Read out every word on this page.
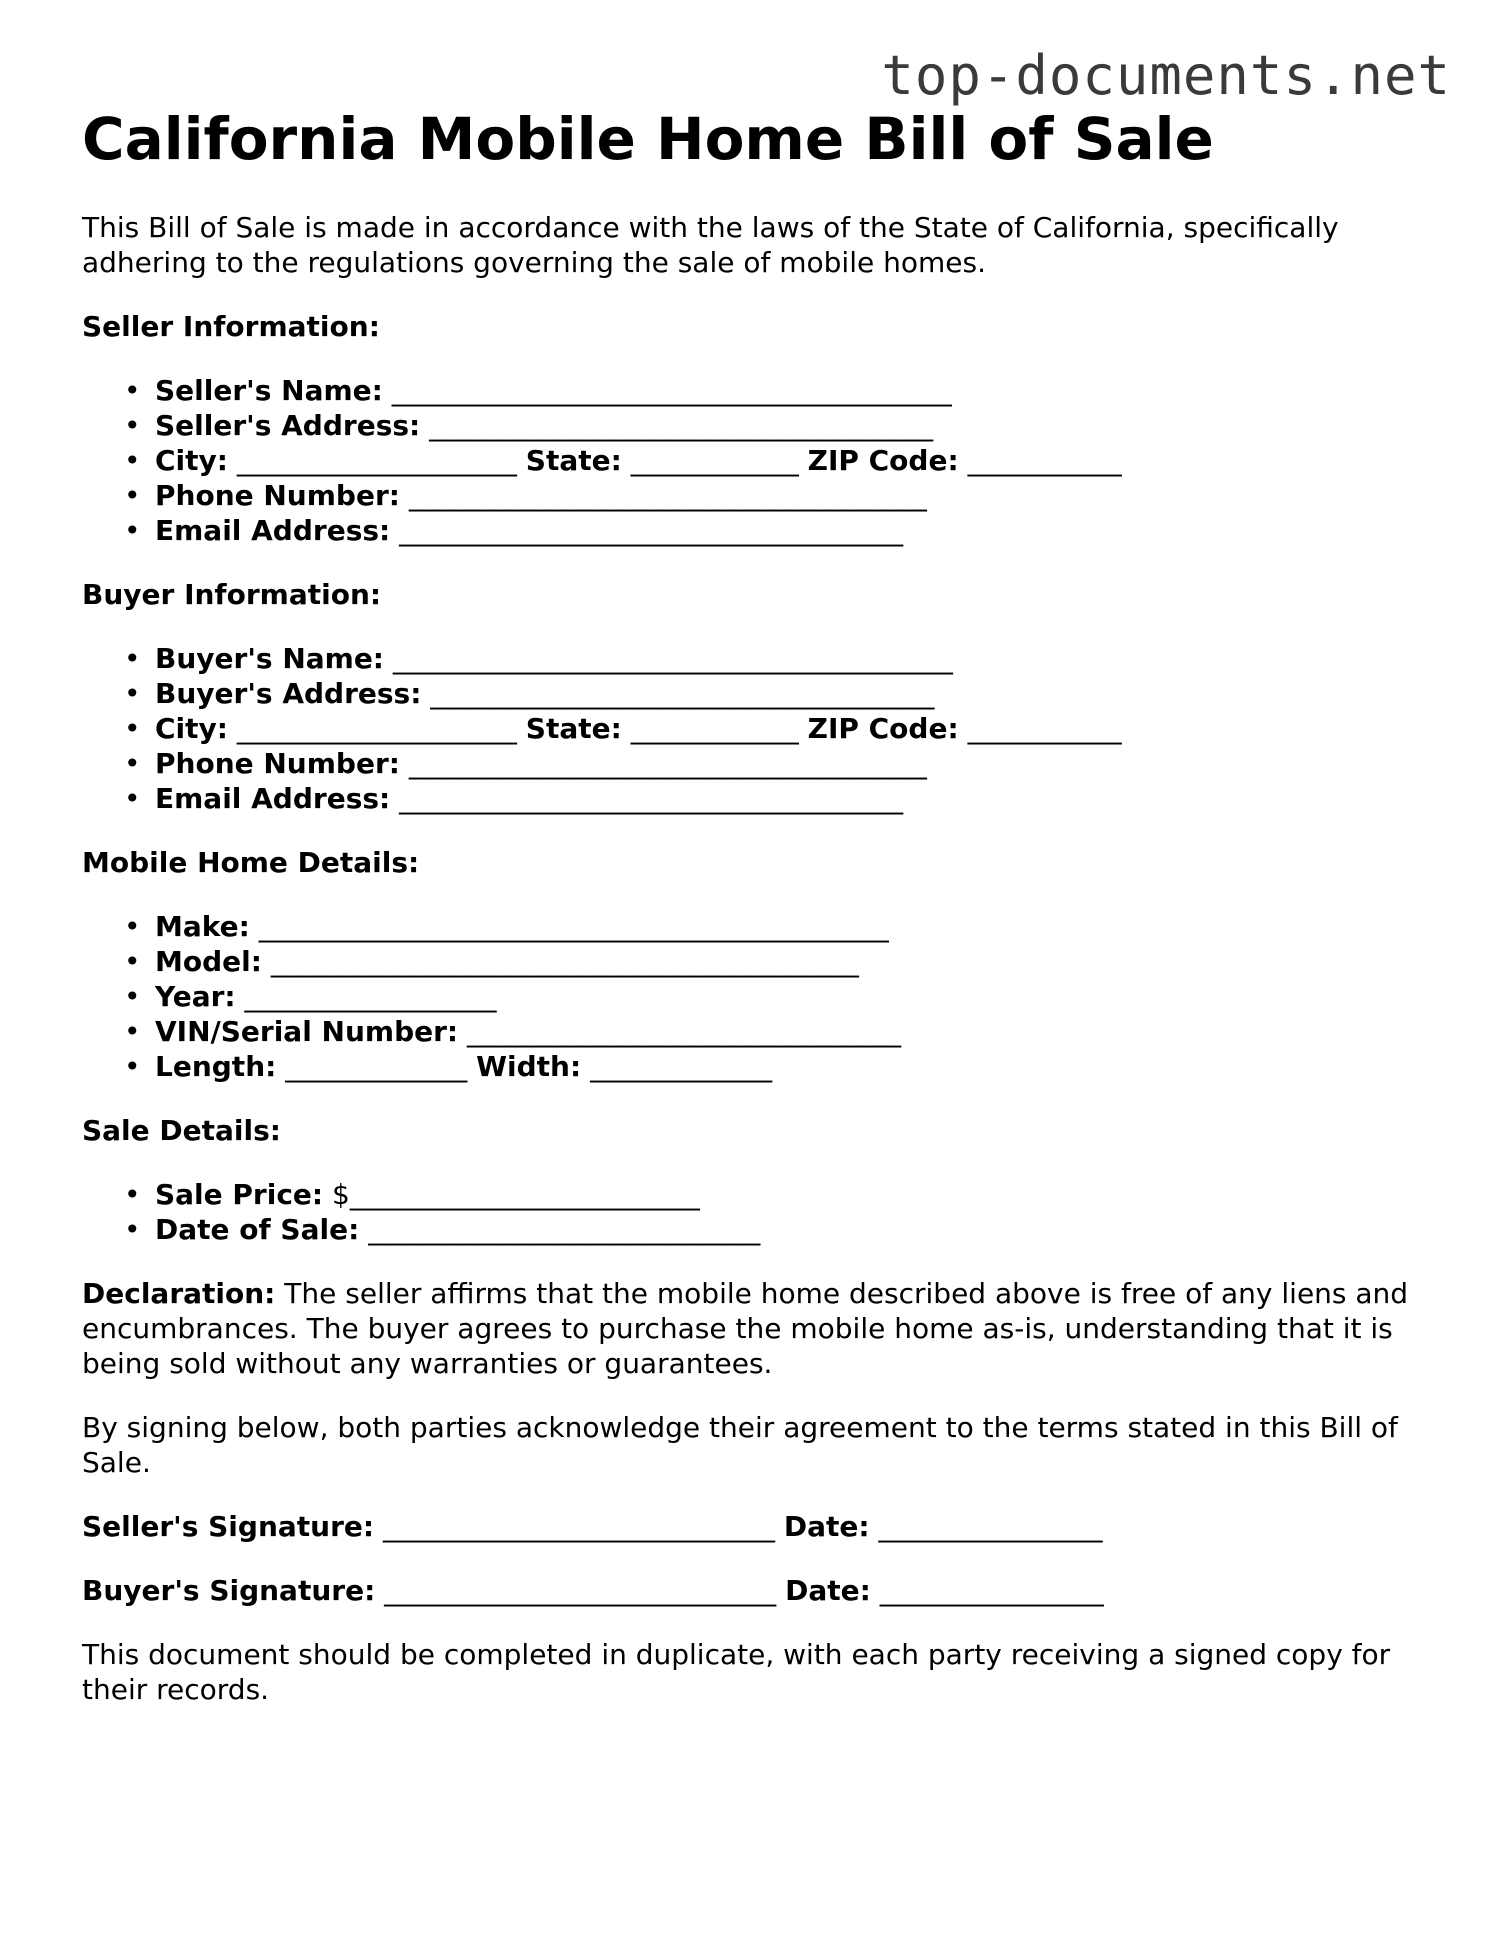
top-documents.net
California Mobile Home Bill of Sale

This Bill of Sale is made in accordance with the laws of the State of California, specifically adhering to the regulations governing the sale of mobile homes.

Seller Information:
• Seller's Name: ________________________________________
• Seller's Address: ____________________________________
• City: ____________________ State: ____________ ZIP Code: ___________
• Phone Number: _____________________________________
• Email Address: ____________________________________
Buyer Information:
• Buyer's Name: ________________________________________
• Buyer's Address: ____________________________________
• City: ____________________ State: ____________ ZIP Code: ___________
• Phone Number: _____________________________________
• Email Address: ____________________________________
Mobile Home Details:
• Make: _____________________________________________
• Model: __________________________________________
• Year: __________________
• VIN/Serial Number: _______________________________
• Length: _____________ Width: _____________
Sale Details:
• Sale Price: $_________________________
• Date of Sale: ____________________________

Declaration: The seller affirms that the mobile home described above is free of any liens and encumbrances. The buyer agrees to purchase the mobile home as-is, understanding that it is being sold without any warranties or guarantees.

By signing below, both parties acknowledge their agreement to the terms stated in this Bill of Sale.

Seller's Signature: ____________________________ Date: ________________
Buyer's Signature: ____________________________ Date: ________________

This document should be completed in duplicate, with each party receiving a signed copy for their records.
